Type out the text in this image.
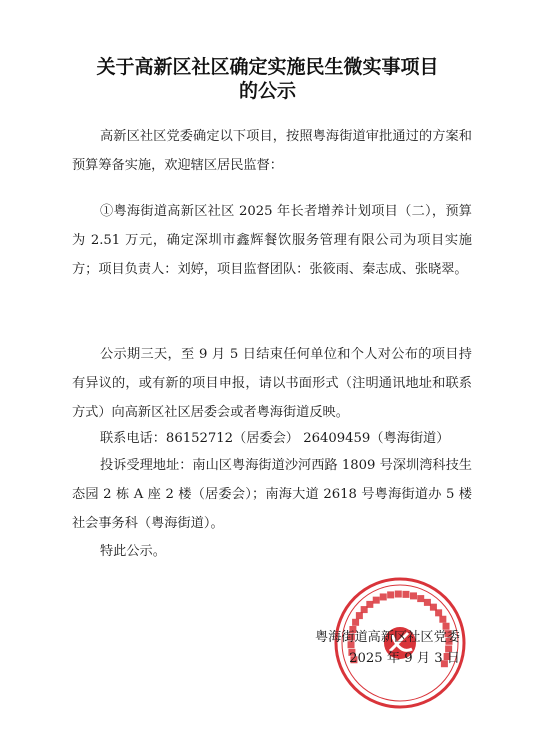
关于高新区社区确定实施民生微实事项目
的公示

高新区社区党委确定以下项目，按照粤海街道审批通过的方案和预算筹备实施，欢迎辖区居民监督：

①粤海街道高新区社区 2025 年长者增养计划项目（二），预算为 2.51 万元，确定深圳市鑫辉餐饮服务管理有限公司为项目实施方；项目负责人：刘婷，项目监督团队：张筱雨、秦志成、张晓翠。

公示期三天，至 9 月 5 日结束任何单位和个人对公布的项目持有异议的，或有新的项目申报，请以书面形式（注明通讯地址和联系方式）向高新区社区居委会或者粤海街道反映。

联系电话：86152712（居委会） 26409459（粤海街道）

投诉受理地址：南山区粤海街道沙河西路 1809 号深圳湾科技生态园 2 栋 A 座 2 楼（居委会）；南海大道 2618 号粤海街道办 5 楼社会事务科（粤海街道）。

特此公示。

粤海街道高新区社区党委
2025 年 9 月 3 日
